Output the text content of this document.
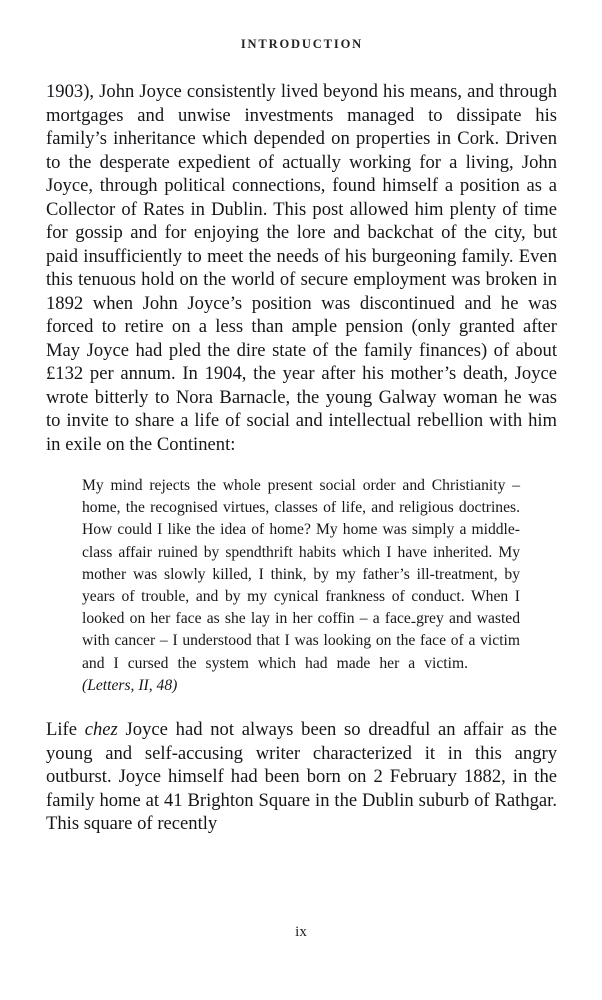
INTRODUCTION

1903), John Joyce consistently lived beyond his means, and through mortgages and unwise investments managed to dissipate his family’s inheritance which depended on properties in Cork. Driven to the desperate expedient of actually working for a living, John Joyce, through political connections, found himself a position as a Collector of Rates in Dublin. This post allowed him plenty of time for gossip and for enjoying the lore and backchat of the city, but paid insufficiently to meet the needs of his burgeoning family. Even this tenuous hold on the world of secure employment was broken in 1892 when John Joyce’s position was discontinued and he was forced to retire on a less than ample pension (only granted after May Joyce had pled the dire state of the family finances) of about £132 per annum. In 1904, the year after his mother’s death, Joyce wrote bitterly to Nora Barnacle, the young Galway woman he was to invite to share a life of social and intellectual rebellion with him in exile on the Continent:

My mind rejects the whole present social order and Christianity – home, the recognised virtues, classes of life, and religious doctrines. How could I like the idea of home? My home was simply a middle-class affair ruined by spendthrift habits which I have inherited. My mother was slowly killed, I think, by my father’s ill-treatment, by years of trouble, and by my cynical frankness of conduct. When I looked on her face as she lay in her coffin – a face-grey and wasted with cancer – I understood that I was looking on the face of a victim and I cursed the system which had made her a victim.(Letters, II, 48)

Life chez Joyce had not always been so dreadful an affair as the young and self-accusing writer characterized it in this angry outburst. Joyce himself had been born on 2 February 1882, in the family home at 41 Brighton Square in the Dublin suburb of Rathgar. This square of recently

ix
